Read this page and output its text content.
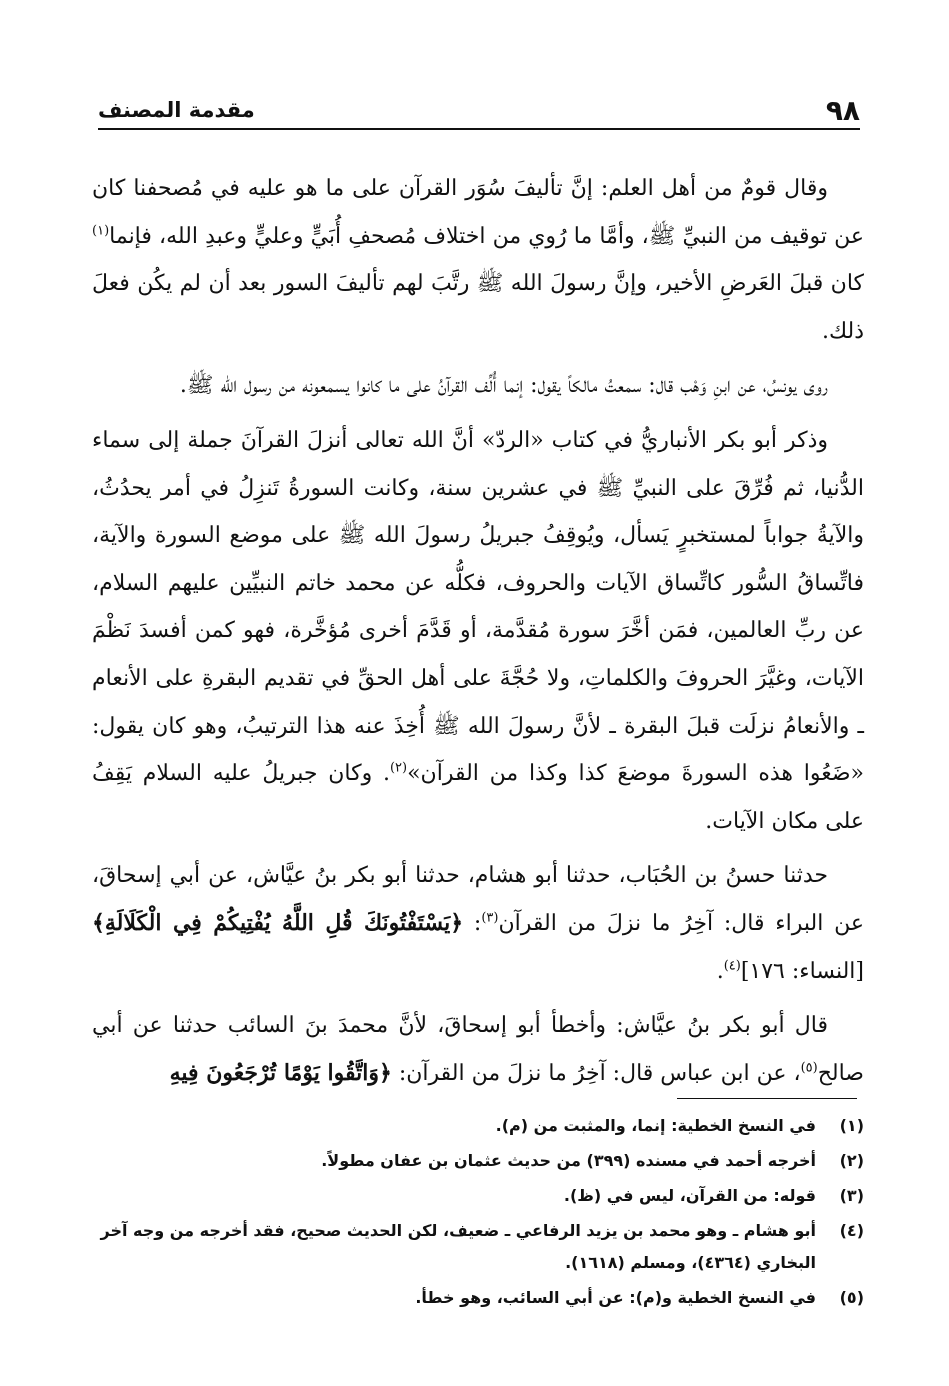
٩٨
مقدمة المصنف

وقال قومٌ من أهل العلم: إنَّ تأليفَ سُوَر القرآن على ما هو عليه في مُصحفنا كان عن توقيف من النبيِّ ﷺ، وأمَّا ما رُوي من اختلاف مُصحفِ أُبَيٍّ وعليٍّ وعبدِ الله، فإنما$^{(١)}$ كان قبلَ العَرضِ الأخير، وإنَّ رسولَ الله ﷺ رتَّبَ لهم تأليفَ السور بعد أن لم يكُن فعلَ ذلك.

روى يونسُ، عن ابنِ وَهْب قال: سمعتُ مالكاً يقول: إنما أُلِّف القرآنُ على ما كانوا يسمعونه من رسول الله ﷺ.

وذكر أبو بكر الأنباريُّ في كتاب «الردّ» أنَّ الله تعالى أنزلَ القرآنَ جملة إلى سماء الدُّنيا، ثم فُرِّقَ على النبيِّ ﷺ في عشرين سنة، وكانت السورةُ تَنزِلُ في أمر يحدُثُ، والآيةُ جواباً لمستخبرٍ يَسأل، ويُوقِفُ جبريلُ رسولَ الله ﷺ على موضع السورة والآية، فاتِّساقُ السُّور كاتِّساق الآيات والحروف، فكلُّه عن محمد خاتم النبيِّين عليهم السلام، عن ربِّ العالمين، فمَن أخَّرَ سورة مُقدَّمة، أو قَدَّمَ أخرى مُؤخَّرة، فهو كمن أفسدَ نَظْمَ الآيات، وغيَّرَ الحروفَ والكلماتِ، ولا حُجَّةَ على أهل الحقِّ في تقديم البقرةِ على الأنعام ـ والأنعامُ نزلَت قبلَ البقرة ـ لأنَّ رسولَ الله ﷺ أُخِذَ عنه هذا الترتيبُ، وهو كان يقول: «ضَعُوا هذه السورةَ موضعَ كذا وكذا من القرآن»$^{(٢)}$. وكان جبريلُ عليه السلام يَقِفُ على مكان الآيات.

حدثنا حسنُ بن الحُبَاب، حدثنا أبو هشام، حدثنا أبو بكر بنُ عيَّاش، عن أبي إسحاقَ، عن البراء قال: آخِرُ ما نزلَ من القرآن$^{(٣)}$: ﴿يَسْتَفْتُونَكَ قُلِ اللَّهُ يُفْتِيكُمْ فِي الْكَلَالَةِ﴾ [النساء: ١٧٦]$^{(٤)}$.

قال أبو بكر بنُ عيَّاش: وأخطأ أبو إسحاقَ، لأنَّ محمدَ بنَ السائب حدثنا عن أبي صالح$^{(٥)}$، عن ابن عباس قال: آخِرُ ما نزلَ من القرآن: ﴿وَاتَّقُوا يَوْمًا تُرْجَعُونَ فِيهِ

(١)
في النسخ الخطية: إنما، والمثبت من (م).
(٢)
أخرجه أحمد في مسنده (٣٩٩) من حديث عثمان بن عفان مطولاً.
(٣)
قوله: من القرآن، ليس في (ظ).
(٤)
أبو هشام ـ وهو محمد بن يزيد الرفاعي ـ ضعيف، لكن الحديث صحيح، فقد أخرجه من وجه آخر البخاري (٤٣٦٤)، ومسلم (١٦١٨).
(٥)
في النسخ الخطية و(م): عن أبي السائب، وهو خطأ.
